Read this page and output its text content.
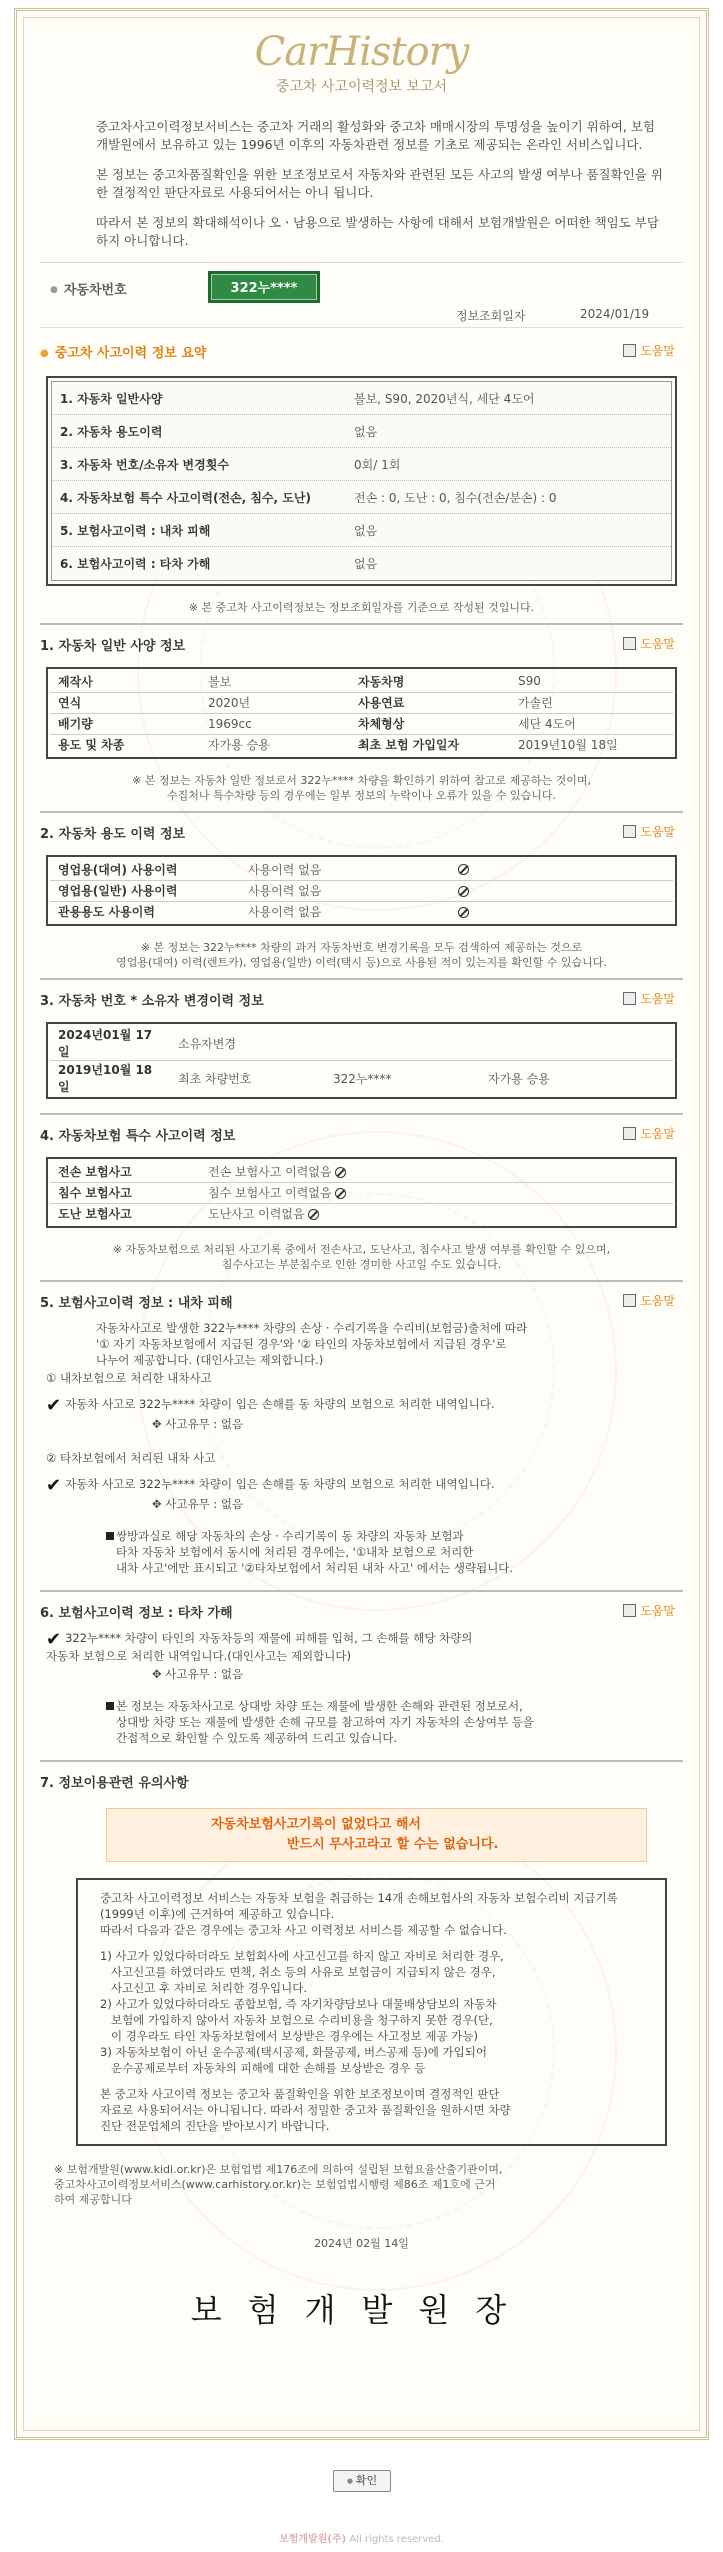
CarHistory
중고차 사고이력정보 보고서

중고차사고이력정보서비스는 중고차 거래의 활성화와 중고차 매매시장의 투명성을 높이기 위하여, 보험개발원에서 보유하고 있는 1996년 이후의 자동차관련 정보를 기초로 제공되는 온라인 서비스입니다.

본 정보는 중고차품질확인을 위한 보조정보로서 자동차와 관련된 모든 사고의 발생 여부나 품질확인을 위한 결정적인 판단자료로 사용되어서는 아니 됩니다.

따라서 본 정보의 확대해석이나 오ㆍ남용으로 발생하는 사항에 대해서 보험개발원은 어떠한 책임도 부담하지 아니합니다.

● 자동차번호	322누****
정보조회일자	2024/01/19
● 중고차 사고이력 정보 요약	도움말
1. 자동차 일반사양	볼보, S90, 2020년식, 세단 4도어
2. 자동차 용도이력	없음
3. 자동차 번호/소유자 변경횟수	0회/ 1회
4. 자동차보험 특수 사고이력(전손, 침수, 도난)	전손 : 0, 도난 : 0, 침수(전손/분손) : 0
5. 보험사고이력 : 내차 피해	없음
6. 보험사고이력 : 타차 가해	없음
※ 본 중고차 사고이력정보는 정보조회일자를 기준으로 작성된 것입니다.
1. 자동차 일반 사양 정보	도움말
제작사	볼보	자동차명	S90
연식	2020년	사용연료	가솔린
배기량	1969cc	차체형상	세단 4도어
용도 및 차종	자가용 승용	최초 보험 가입일자	2019년10월 18일
※ 본 정보는 자동차 일반 정보로서 322누**** 차량을 확인하기 위하여 참고로 제공하는 것이며,
수집처나 특수차량 등의 경우에는 일부 정보의 누락이나 오류가 있을 수 있습니다.
2. 자동차 용도 이력 정보	도움말
영업용(대여) 사용이력	사용이력 없음	
영업용(일반) 사용이력	사용이력 없음	
관용용도 사용이력	사용이력 없음	
※ 본 정보는 322누**** 차량의 과거 자동차번호 변경기록을 모두 검색하여 제공하는 것으로
영업용(대여) 이력(렌트카), 영업용(일반) 이력(택시 등)으로 사용된 적이 있는지를 확인할 수 있습니다.
3. 자동차 번호 * 소유자 변경이력 정보	도움말
2024년01월 17일	소유자변경		
2019년10월 18일	최초 차량번호	322누****	자가용 승용
4. 자동차보험 특수 사고이력 정보	도움말
전손 보험사고	전손 보험사고 이력없음
침수 보험사고	침수 보험사고 이력없음
도난 보험사고	도난사고 이력없음
※ 자동차보험으로 처리된 사고기록 중에서 전손사고, 도난사고, 침수사고 발생 여부를 확인할 수 있으며,
침수사고는 부분침수로 인한 경미한 사고일 수도 있습니다.
5. 보험사고이력 정보 : 내차 피해	도움말
자동차사고로 발생한 322누**** 차량의 손상 · 수리기록을 수리비(보험금)출처에 따라
'① 자기 자동차보험에서 지급된 경우'와 '② 타인의 자동차보험에서 지급된 경우'로
나누어 제공합니다. (대인사고는 제외합니다.)
① 내차보험으로 처리한 내차사고
✔ 자동차 사고로 322누**** 차량이 입은 손해를 동 차량의 보험으로 처리한 내역입니다.
✥ 사고유무 : 없음
② 타차보험에서 처리된 내차 사고
✔ 자동차 사고로 322누**** 차량이 입은 손해를 동 차량의 보험으로 처리한 내역입니다.
✥ 사고유무 : 없음
쌍방과실로 해당 자동차의 손상 · 수리기록이 동 차량의 자동차 보험과
타차 자동차 보험에서 동시에 처리된 경우에는, '①내차 보험으로 처리한
내차 사고'에만 표시되고 '②타차보험에서 처리된 내차 사고' 에서는 생략됩니다.
6. 보험사고이력 정보 : 타차 가해	도움말
✔ 322누**** 차량이 타인의 자동차등의 재물에 피해를 입혀, 그 손해를 해당 차량의
자동차 보험으로 처리한 내역입니다.(대인사고는 제외합니다)
✥ 사고유무 : 없음
본 정보는 자동차사고로 상대방 차량 또는 재물에 발생한 손해와 관련된 정보로서,
상대방 차량 또는 재물에 발생한 손해 규모를 참고하여 자기 자동차의 손상여부 등을
간접적으로 확인할 수 있도록 제공하여 드리고 있습니다.
7. 정보이용관련 유의사항
자동차보험사고기록이 없었다고 해서
반드시 무사고라고 할 수는 없습니다.

중고차 사고이력정보 서비스는 자동차 보험을 취급하는 14개 손해보험사의 자동차 보험수리비 지급기록(1999년 이후)에 근거하여 제공하고 있습니다.
따라서 다음과 같은 경우에는 중고차 사고 이력정보 서비스를 제공할 수 없습니다.

1) 사고가 있었다하더라도 보험회사에 사고신고를 하지 않고 자비로 처리한 경우,
사고신고를 하였더라도 면책, 취소 등의 사유로 보험금이 지급되지 않은 경우,
사고신고 후 자비로 처리한 경우입니다.
2) 사고가 있었다하더라도 종합보험, 즉 자기차량담보나 대물배상담보의 자동차
보험에 가입하지 않아서 자동차 보험으로 수리비용을 청구하지 못한 경우(단,
이 경우라도 타인 자동차보험에서 보상받은 경우에는 사고정보 제공 가능)
3) 자동차보험이 아닌 운수공제(택시공제, 화물공제, 버스공제 등)에 가입되어
운수공제로부터 자동차의 피해에 대한 손해를 보상받은 경우 등

본 중고차 사고이력 정보는 중고차 품질확인을 위한 보조정보이며 결정적인 판단
자료로 사용되어서는 아니됩니다. 따라서 정밀한 중고차 품질확인을 원하시면 차량
진단 전문업체의 진단을 받아보시기 바랍니다.

※ 보험개발원(www.kidi.or.kr)은 보험업법 제176조에 의하여 설립된 보험요율산출기관이며,
중고차사고이력정보서비스(www.carhistory.or.kr)는 보험업법시행령 제86조 제1호에 근거
하여 제공합니다
2024년 02월 14일
보험개발원장
● 확인
보험개발원(주) All rights reserved.
